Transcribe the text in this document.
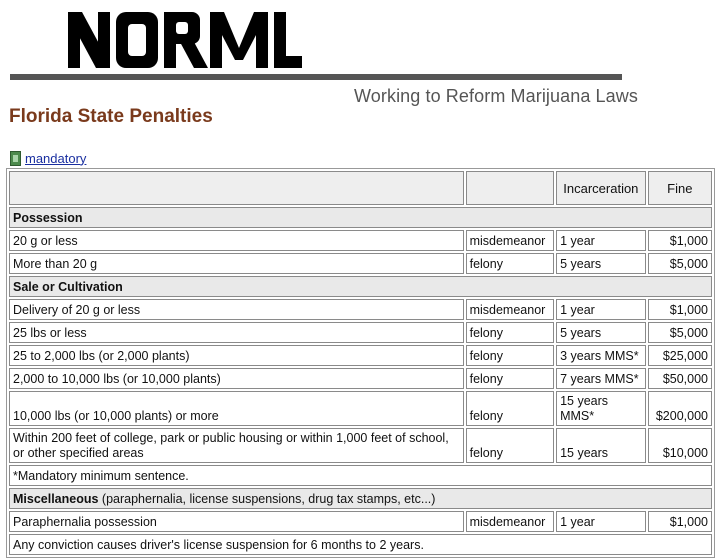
Working to Reform Marijuana Laws
Florida State Penalties
mandatory
		Incarceration	Fine
Possession			
20 g or less	misdemeanor	1 year	$1,000
More than 20 g	felony	5 years	$5,000
Sale or Cultivation			
Delivery of 20 g or less	misdemeanor	1 year	$1,000
25 lbs or less	felony	5 years	$5,000
25 to 2,000 lbs (or 2,000 plants)	felony	3 years MMS*	$25,000
2,000 to 10,000 lbs (or 10,000 plants)	felony	7 years MMS*	$50,000
10,000 lbs (or 10,000 plants) or more	felony	15 years MMS*	$200,000
Within 200 feet of college, park or public housing or within 1,000 feet of school, or other specified areas	felony	15 years	$10,000
*Mandatory minimum sentence.			
Miscellaneous (paraphernalia, license suspensions, drug tax stamps, etc...)			
Paraphernalia possession	misdemeanor	1 year	$1,000
Any conviction causes driver's license suspension for 6 months to 2 years.			
